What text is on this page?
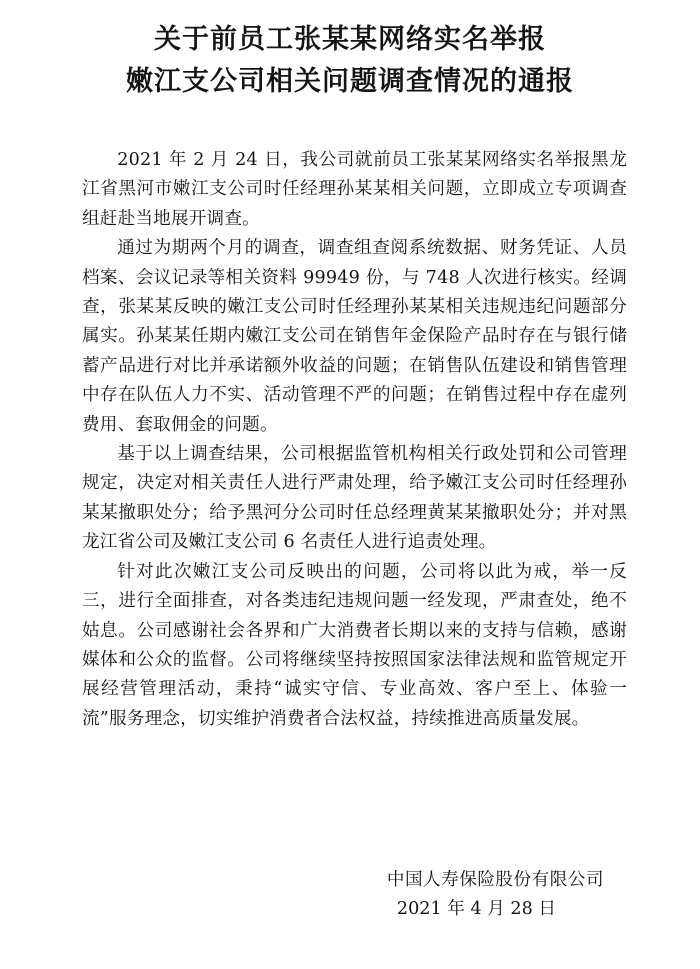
关于前员工张某某网络实名举报
嫩江支公司相关问题调查情况的通报

2021 年 2 月 24 日，我公司就前员工张某某网络实名举报黑龙江省黑河市嫩江支公司时任经理孙某某相关问题，立即成立专项调查组赶赴当地展开调查。

通过为期两个月的调查，调查组查阅系统数据、财务凭证、人员档案、会议记录等相关资料 99949 份，与 748 人次进行核实。经调查，张某某反映的嫩江支公司时任经理孙某某相关违规违纪问题部分属实。孙某某任期内嫩江支公司在销售年金保险产品时存在与银行储蓄产品进行对比并承诺额外收益的问题；在销售队伍建设和销售管理中存在队伍人力不实、活动管理不严的问题；在销售过程中存在虚列费用、套取佣金的问题。

基于以上调查结果，公司根据监管机构相关行政处罚和公司管理规定，决定对相关责任人进行严肃处理，给予嫩江支公司时任经理孙某某撤职处分；给予黑河分公司时任总经理黄某某撤职处分；并对黑龙江省公司及嫩江支公司 6 名责任人进行追责处理。

针对此次嫩江支公司反映出的问题，公司将以此为戒，举一反三，进行全面排查，对各类违纪违规问题一经发现，严肃查处，绝不姑息。公司感谢社会各界和广大消费者长期以来的支持与信赖，感谢媒体和公众的监督。公司将继续坚持按照国家法律法规和监管规定开展经营管理活动，秉持“诚实守信、专业高效、客户至上、体验一流”服务理念，切实维护消费者合法权益，持续推进高质量发展。

中国人寿保险股份有限公司
2021 年 4 月 28 日
